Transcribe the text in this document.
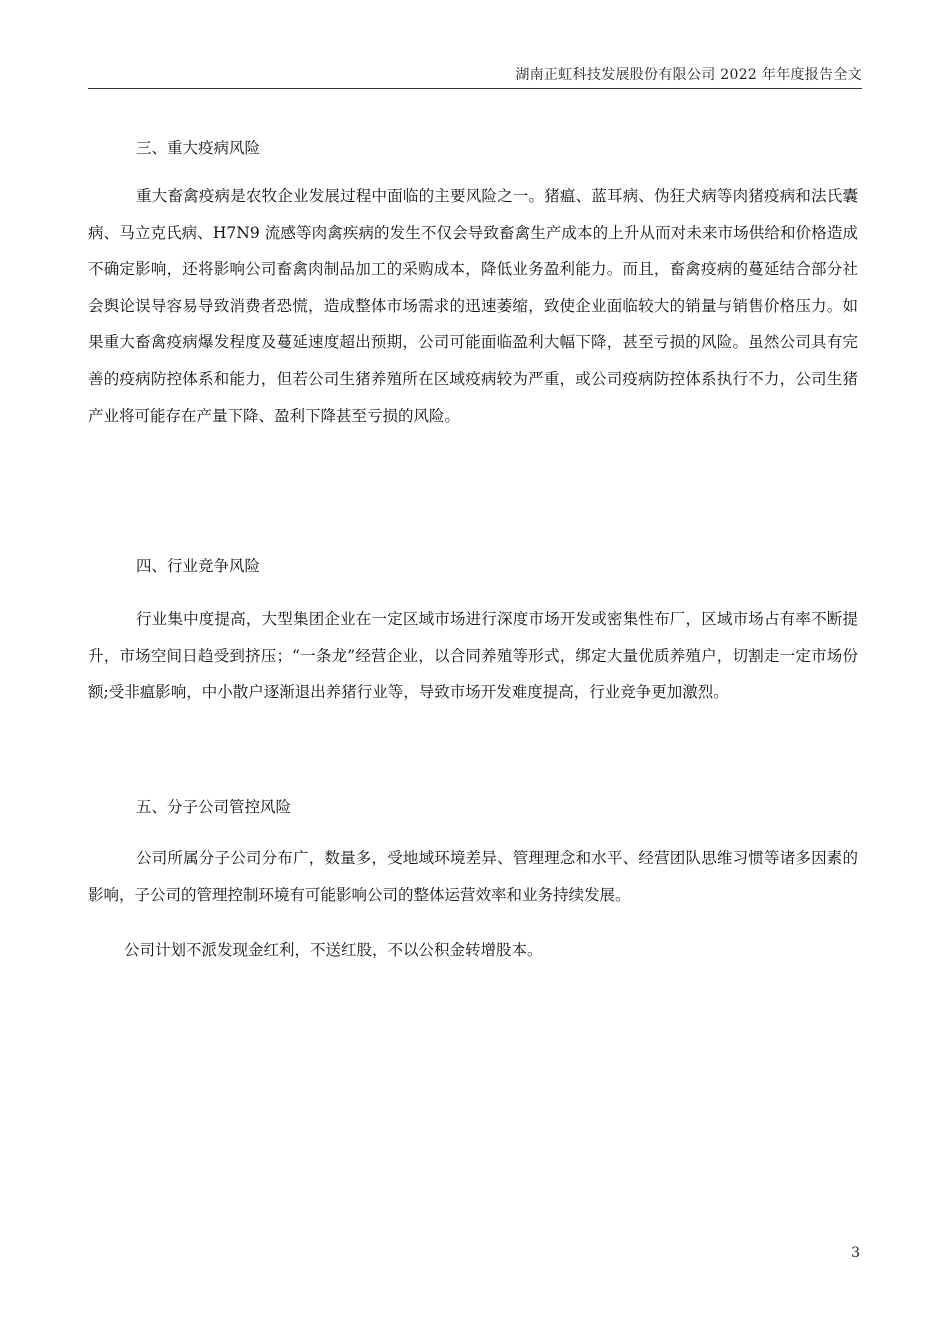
湖南正虹科技发展股份有限公司 2022 年年度报告全文

三、重大疫病风险

重大畜禽疫病是农牧企业发展过程中面临的主要风险之一。猪瘟、蓝耳病、伪狂犬病等肉猪疫病和法氏囊病、马立克氏病、H7N9 流感等肉禽疾病的发生不仅会导致畜禽生产成本的上升从而对未来市场供给和价格造成不确定影响，还将影响公司畜禽肉制品加工的采购成本，降低业务盈利能力。而且，畜禽疫病的蔓延结合部分社会舆论误导容易导致消费者恐慌，造成整体市场需求的迅速萎缩，致使企业面临较大的销量与销售价格压力。如果重大畜禽疫病爆发程度及蔓延速度超出预期，公司可能面临盈利大幅下降，甚至亏损的风险。虽然公司具有完善的疫病防控体系和能力，但若公司生猪养殖所在区域疫病较为严重，或公司疫病防控体系执行不力，公司生猪产业将可能存在产量下降、盈利下降甚至亏损的风险。

四、行业竞争风险

行业集中度提高，大型集团企业在一定区域市场进行深度市场开发或密集性布厂，区域市场占有率不断提升，市场空间日趋受到挤压；“一条龙”经营企业，以合同养殖等形式，绑定大量优质养殖户，切割走一定市场份额;受非瘟影响，中小散户逐渐退出养猪行业等，导致市场开发难度提高，行业竞争更加激烈。

五、分子公司管控风险

公司所属分子公司分布广，数量多，受地域环境差异、管理理念和水平、经营团队思维习惯等诸多因素的影响，子公司的管理控制环境有可能影响公司的整体运营效率和业务持续发展。

公司计划不派发现金红利，不送红股，不以公积金转增股本。

3
